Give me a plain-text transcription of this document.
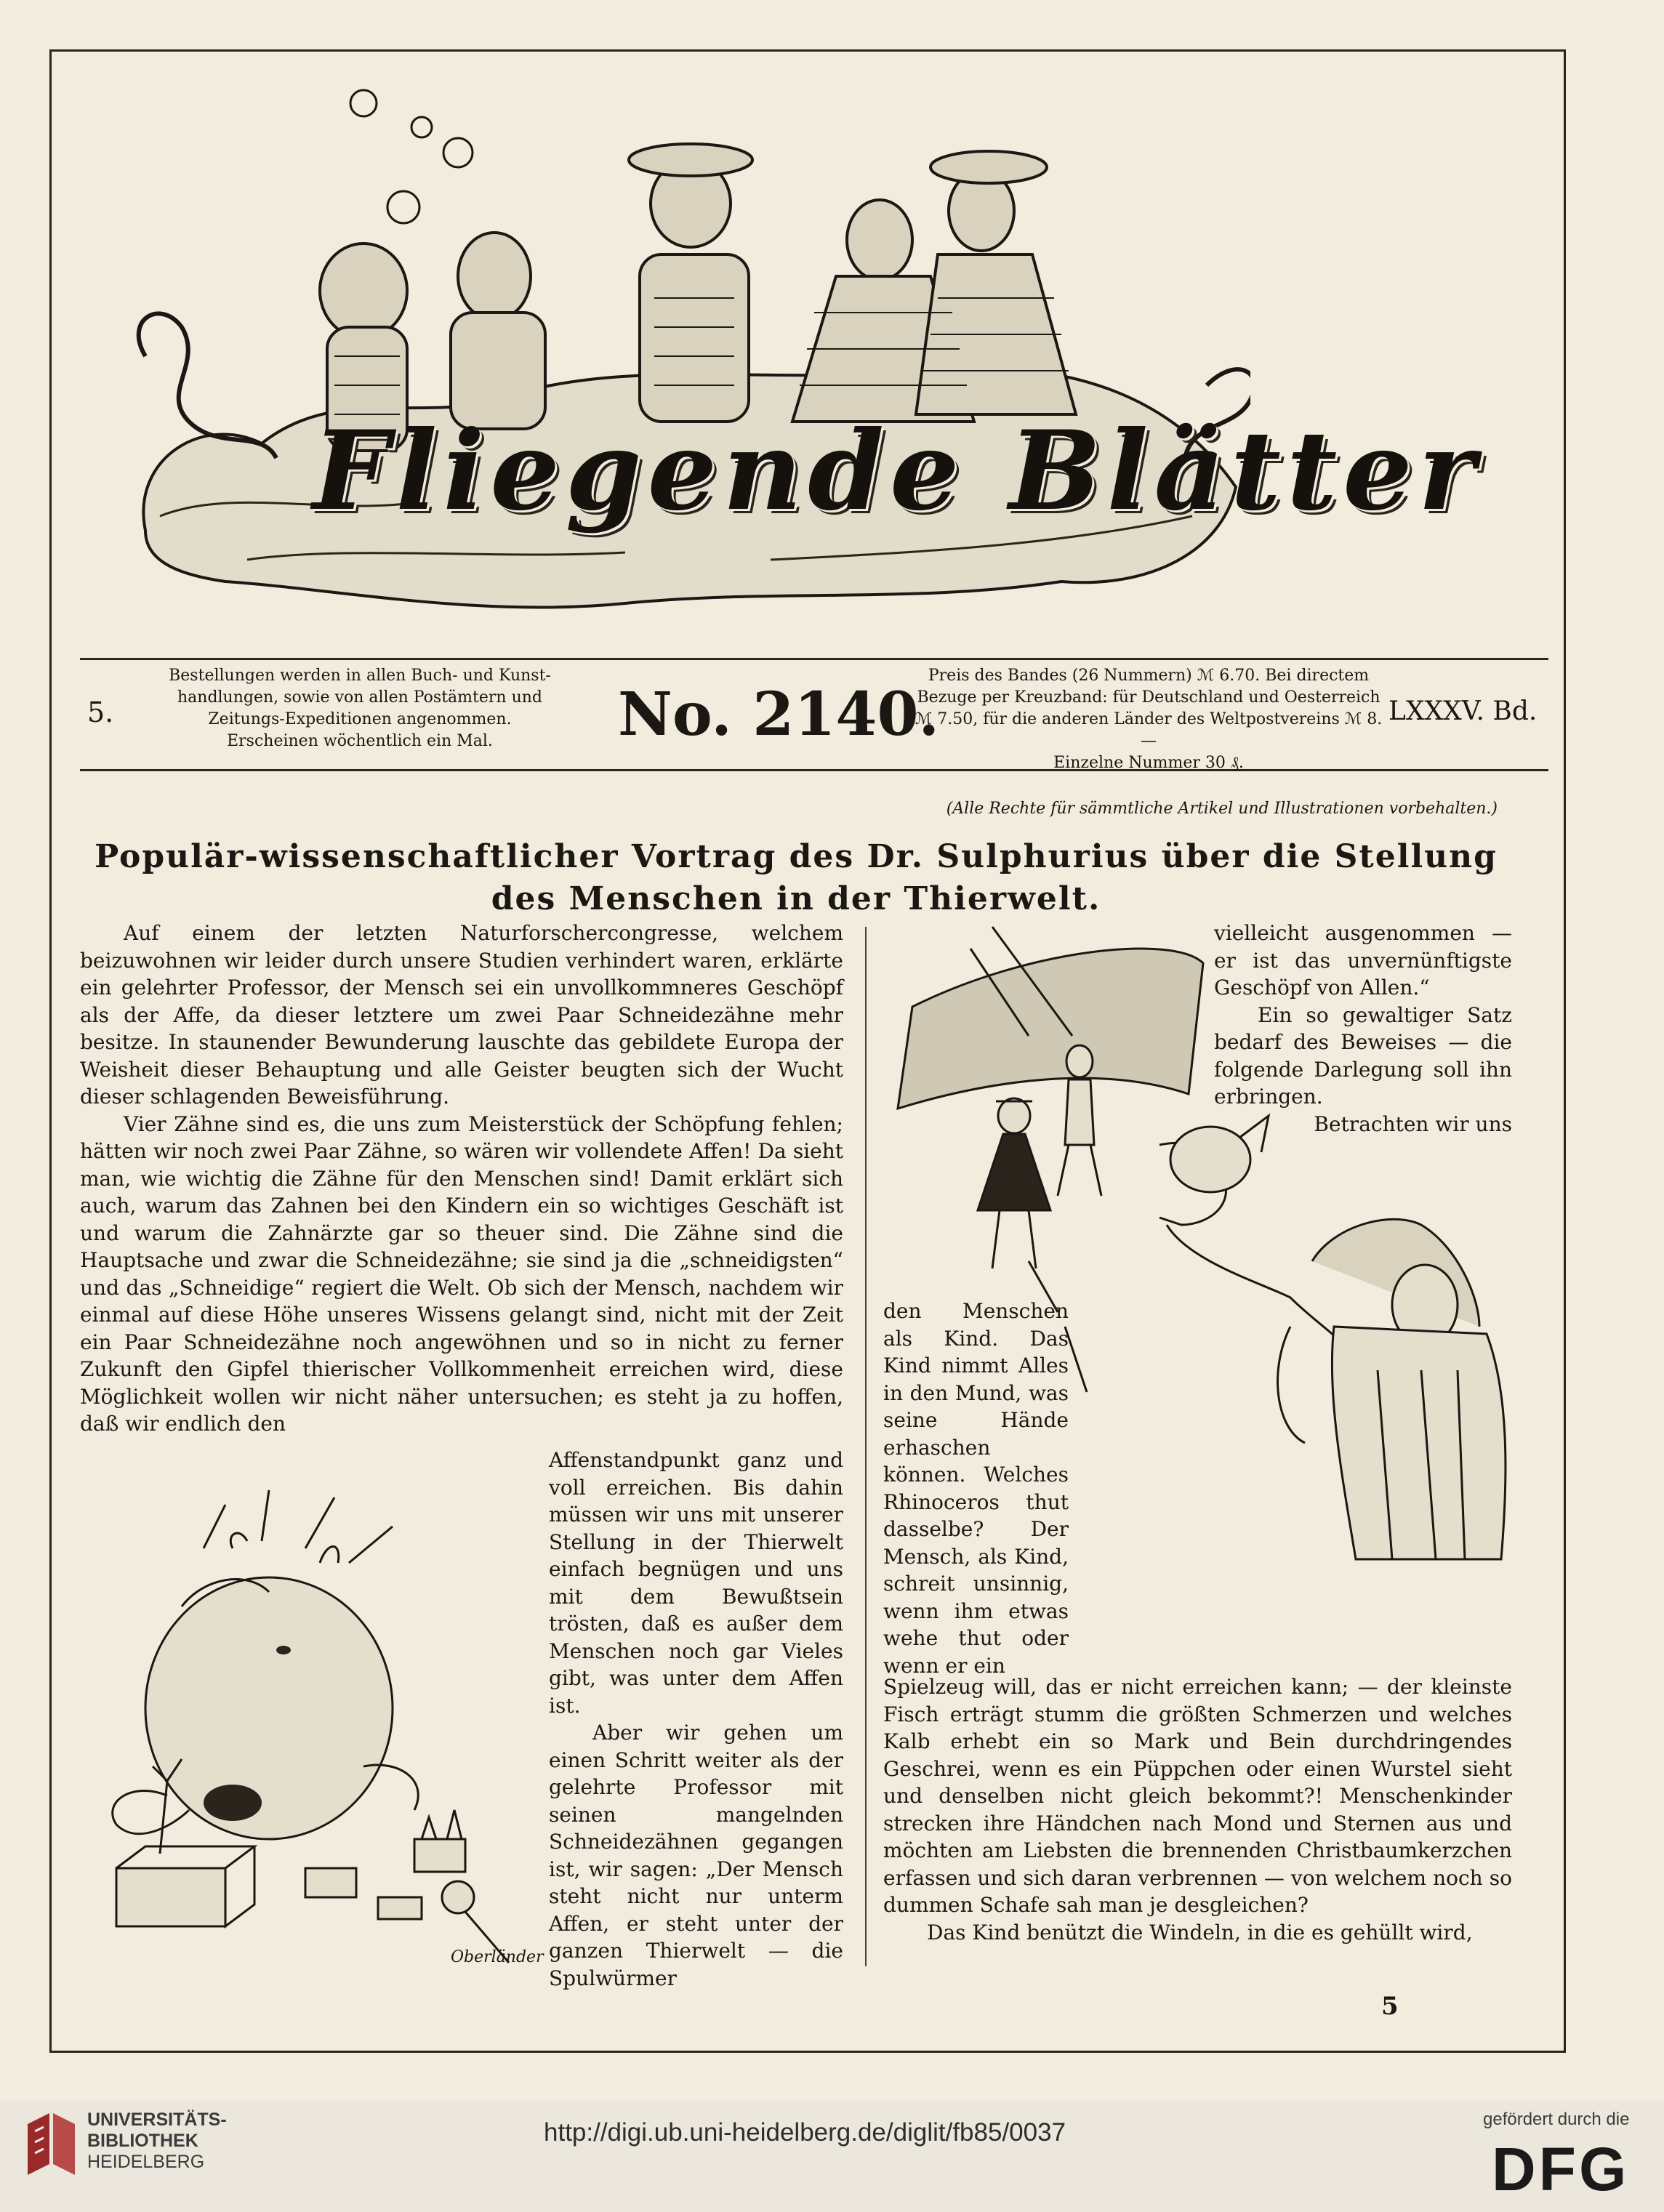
Fliegende Blätter
5.
Bestellungen werden in allen Buch- und Kunst-
handlungen, sowie von allen Postämtern und
Zeitungs-Expeditionen angenommen.
Erscheinen wöchentlich ein Mal.	No. 2140.
Preis des Bandes (26 Nummern) ℳ 6.70. Bei directem
Bezuge per Kreuzband: für Deutschland und Oesterreich
ℳ 7.50, für die anderen Länder des Weltpostvereins ℳ 8.—
Einzelne Nummer 30 ₰.
LXXXV. Bd.
(Alle Rechte für sämmtliche Artikel und Illustrationen vorbehalten.)
Populär-wissenschaftlicher Vortrag des Dr. Sulphurius über die Stellung des Menschen in der Thierwelt.

Auf einem der letzten Naturforschercongresse, welchem beizuwohnen wir leider durch unsere Studien verhindert waren, erklärte ein gelehrter Professor, der Mensch sei ein unvollkommneres Geschöpf als der Affe, da dieser letztere um zwei Paar Schneidezähne mehr besitze. In staunender Bewunderung lauschte das gebildete Europa der Weisheit dieser Behauptung und alle Geister beugten sich der Wucht dieser schlagenden Beweisführung.

Vier Zähne sind es, die uns zum Meisterstück der Schöpfung fehlen; hätten wir noch zwei Paar Zähne, so wären wir vollendete Affen! Da sieht man, wie wichtig die Zähne für den Menschen sind! Damit erklärt sich auch, warum das Zahnen bei den Kindern ein so wichtiges Geschäft ist und warum die Zahnärzte gar so theuer sind. Die Zähne sind die Hauptsache und zwar die Schneidezähne; sie sind ja die „schneidigsten“ und das „Schneidige“ regiert die Welt. Ob sich der Mensch, nachdem wir einmal auf diese Höhe unseres Wissens gelangt sind, nicht mit der Zeit ein Paar Schneidezähne noch angewöhnen und so in nicht zu ferner Zukunft den Gipfel thierischer Vollkommenheit erreichen wird, diese Möglichkeit wollen wir nicht näher untersuchen; es steht ja zu hoffen, daß wir endlich den

Affenstandpunkt ganz und voll erreichen. Bis dahin müssen wir uns mit unserer Stellung in der Thierwelt einfach begnügen und uns mit dem Bewußtsein trösten, daß es außer dem Menschen noch gar Vieles gibt, was unter dem Affen ist.

Aber wir gehen um einen Schritt weiter als der gelehrte Professor mit seinen mangelnden Schneidezähnen gegangen ist, wir sagen: „Der Mensch steht nicht nur unterm Affen, er steht unter der ganzen Thierwelt — die Spulwürmer

Oberländer

vielleicht ausgenommen — er ist das unvernünftigste Geschöpf von Allen.“

Ein so gewaltiger Satz bedarf des Beweises — die folgende Darlegung soll ihn erbringen.

Betrachten wir uns

den Menschen als Kind. Das Kind nimmt Alles in den Mund, was seine Hände erhaschen können. Welches Rhinoceros thut dasselbe? Der Mensch, als Kind, schreit unsinnig, wenn ihm etwas wehe thut oder wenn er ein

Spielzeug will, das er nicht erreichen kann; — der kleinste Fisch erträgt stumm die größten Schmerzen und welches Kalb erhebt ein so Mark und Bein durchdringendes Geschrei, wenn es ein Püppchen oder einen Wurstel sieht und denselben nicht gleich bekommt?! Menschenkinder strecken ihre Händchen nach Mond und Sternen aus und möchten am Liebsten die brennenden Christbaumkerzchen erfassen und sich daran verbrennen — von welchem noch so dummen Schafe sah man je desgleichen?

Das Kind benützt die Windeln, in die es gehüllt wird,

5
UNIVERSITÄTS-
BIBLIOTHEK
HEIDELBERG
http://digi.ub.uni-heidelberg.de/diglit/fb85/0037	gefördert durch die
DFG
